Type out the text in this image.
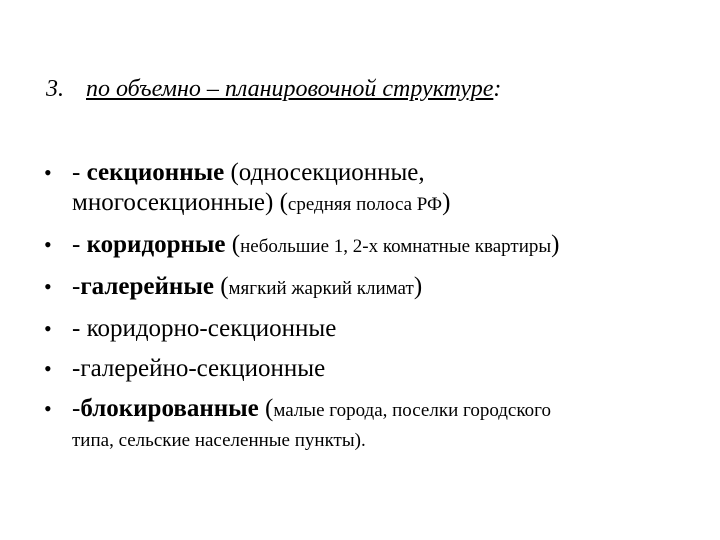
3. по объемно – планировочной структуре:
• - секционные (односекционные,
многосекционные) (средняя полоса РФ)
• - коридорные (небольшие 1, 2-х комнатные квартиры)
• -галерейные (мягкий жаркий климат)
• - коридорно-секционные
• -галерейно-секционные
• -блокированные (малые города, поселки городского
типа, сельские населенные пункты).
